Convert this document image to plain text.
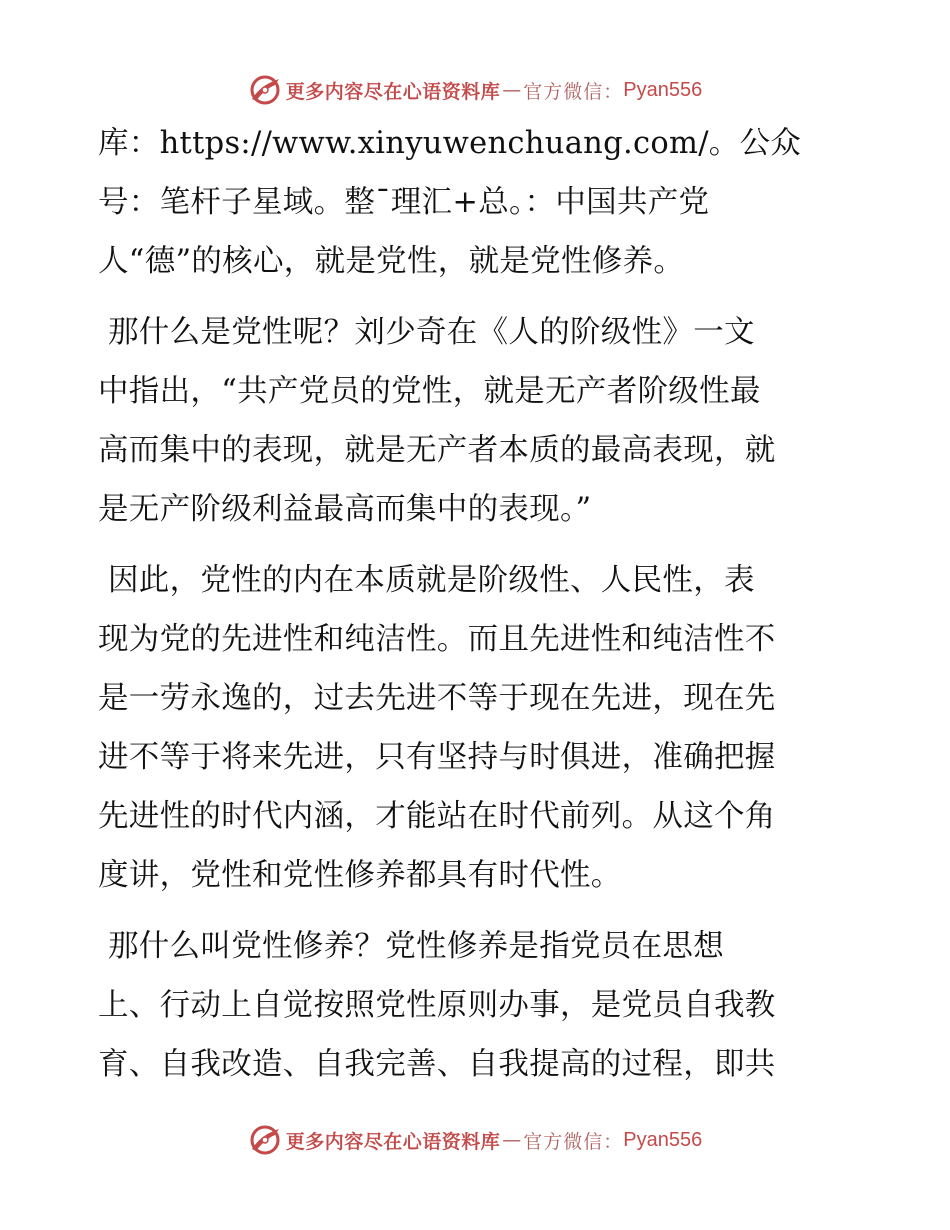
更多内容尽在心语资料库 — 官方微信： Pyan556
库：https://www.xinyuwenchuang.com/。公众
号：笔杆子星域。整¯理汇+总。：中国共产党
人“德”的核心，就是党性，就是党性修养。
那什么是党性呢？刘少奇在《人的阶级性》一文
中指出，“共产党员的党性，就是无产者阶级性最
高而集中的表现，就是无产者本质的最高表现，就
是无产阶级利益最高而集中的表现。”
因此，党性的内在本质就是阶级性、人民性，表
现为党的先进性和纯洁性。而且先进性和纯洁性不
是一劳永逸的，过去先进不等于现在先进，现在先
进不等于将来先进，只有坚持与时俱进，准确把握
先进性的时代内涵，才能站在时代前列。从这个角
度讲，党性和党性修养都具有时代性。
那什么叫党性修养？党性修养是指党员在思想
上、行动上自觉按照党性原则办事，是党员自我教
育、自我改造、自我完善、自我提高的过程，即共
更多内容尽在心语资料库 — 官方微信： Pyan556
